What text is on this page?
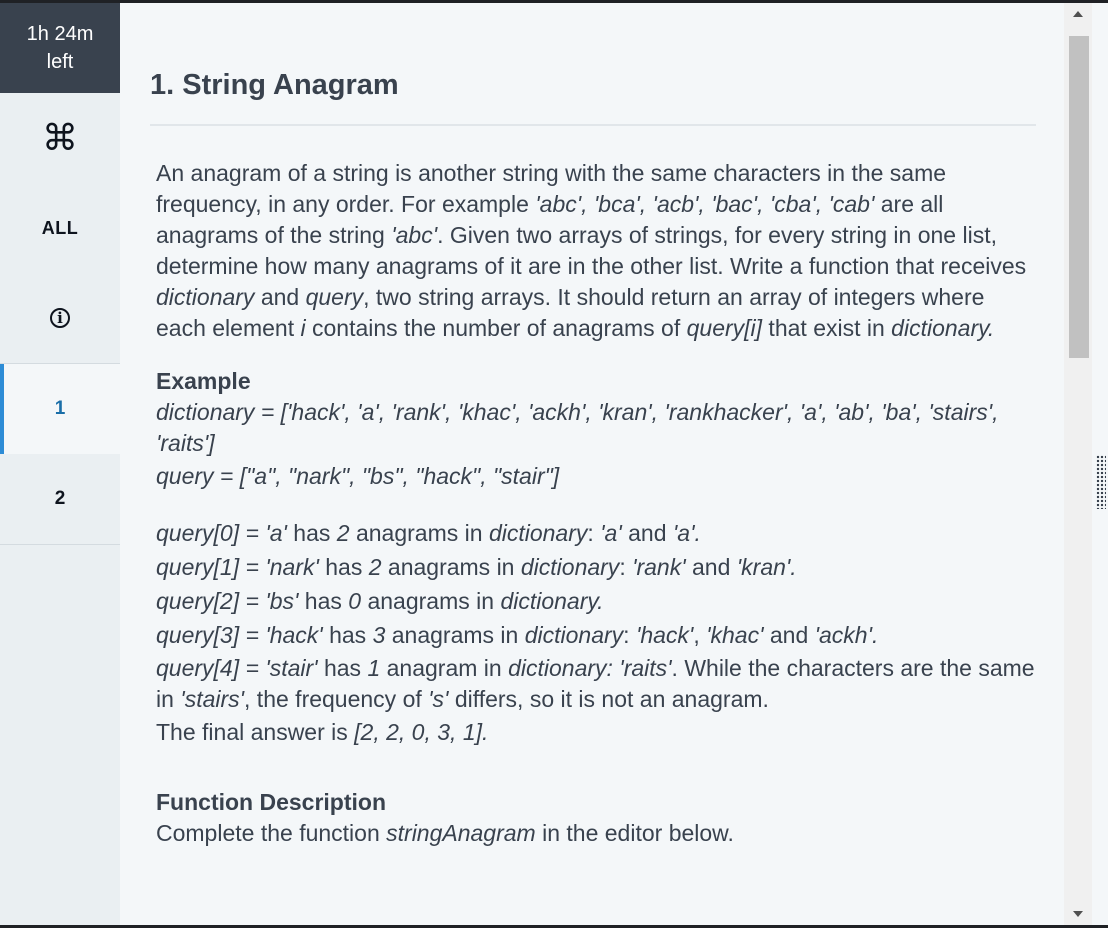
1h 24m
left
⌘
ALL
i
1
2
1. String Anagram

An anagram of a string is another string with the same characters in the same frequency, in any order. For example 'abc', 'bca', 'acb', 'bac', 'cba', 'cab' are all anagrams of the string 'abc'. Given two arrays of strings, for every string in one list, determine how many anagrams of it are in the other list. Write a function that receives dictionary and query, two string arrays. It should return an array of integers where each element i contains the number of anagrams of query[i] that exist in dictionary.

Example

dictionary = ['hack', 'a', 'rank', 'khac', 'ackh', 'kran', 'rankhacker', 'a', 'ab', 'ba', 'stairs', 'raits']

query = ["a", "nark", "bs", "hack", "stair"]

query[0] = 'a' has 2 anagrams in dictionary: 'a' and 'a'.

query[1] = 'nark' has 2 anagrams in dictionary: 'rank' and 'kran'.

query[2] = 'bs' has 0 anagrams in dictionary.

query[3] = 'hack' has 3 anagrams in dictionary: 'hack', 'khac' and 'ackh'.

query[4] = 'stair' has 1 anagram in dictionary: 'raits'. While the characters are the same in 'stairs', the frequency of 's' differs, so it is not an anagram.

The final answer is [2, 2, 0, 3, 1].

Function Description

Complete the function stringAnagram in the editor below.
